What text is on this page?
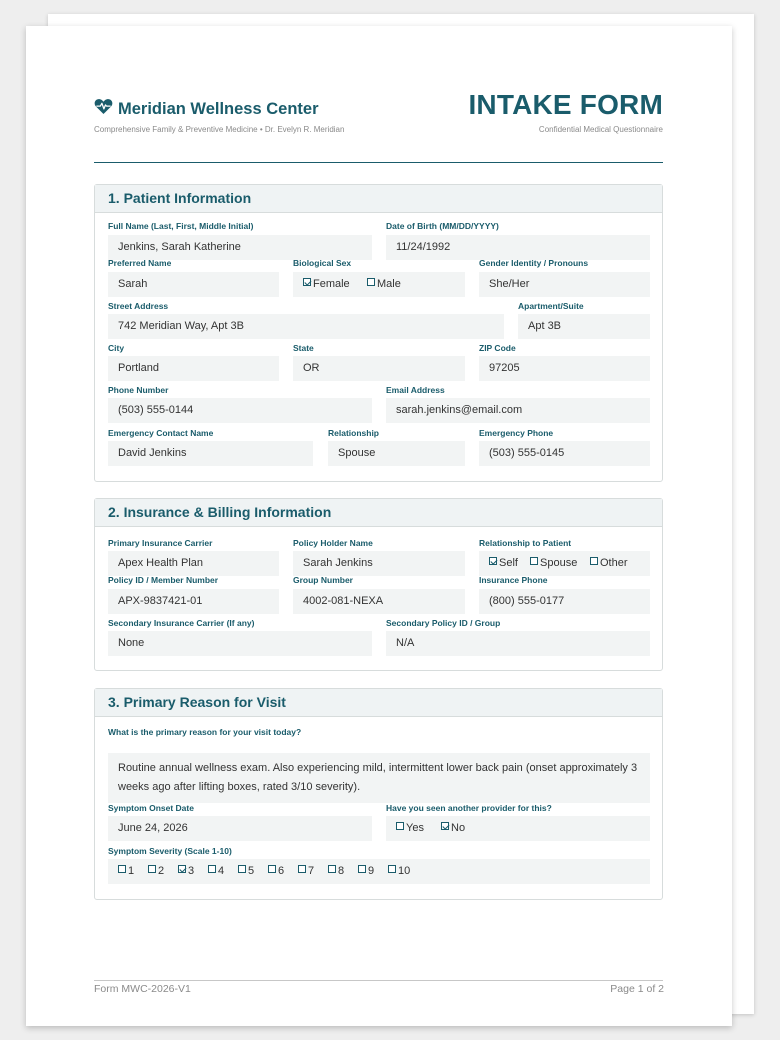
Meridian Wellness Center
Comprehensive Family & Preventive Medicine • Dr. Evelyn R. Meridian
INTAKE FORM
Confidential Medical Questionnaire
1. Patient Information
Full Name (Last, First, Middle Initial)
Jenkins, Sarah Katherine
Date of Birth (MM/DD/YYYY)
11/24/1992
Preferred Name
Sarah
Biological Sex
Female	Male
Gender Identity / Pronouns
She/Her
Street Address
742 Meridian Way, Apt 3B
Apartment/Suite
Apt 3B
City
Portland
State
OR
ZIP Code
97205
Phone Number
(503) 555-0144
Email Address
sarah.jenkins@email.com
Emergency Contact Name
David Jenkins
Relationship
Spouse
Emergency Phone
(503) 555-0145
2. Insurance & Billing Information
Primary Insurance Carrier
Apex Health Plan
Policy Holder Name
Sarah Jenkins
Relationship to Patient
Self	Spouse	Other
Policy ID / Member Number
APX-9837421-01
Group Number
4002-081-NEXA
Insurance Phone
(800) 555-0177
Secondary Insurance Carrier (If any)
None
Secondary Policy ID / Group
N/A
3. Primary Reason for Visit
What is the primary reason for your visit today?
Routine annual wellness exam. Also experiencing mild, intermittent lower back pain (onset approximately 3 weeks ago after lifting boxes, rated 3/10 severity).
Symptom Onset Date
June 24, 2026
Have you seen another provider for this?
Yes	No
Symptom Severity (Scale 1-10)
1	2	3	4	5	6	7	8	9	10
Form MWC-2026-V1	Page 1 of 2
